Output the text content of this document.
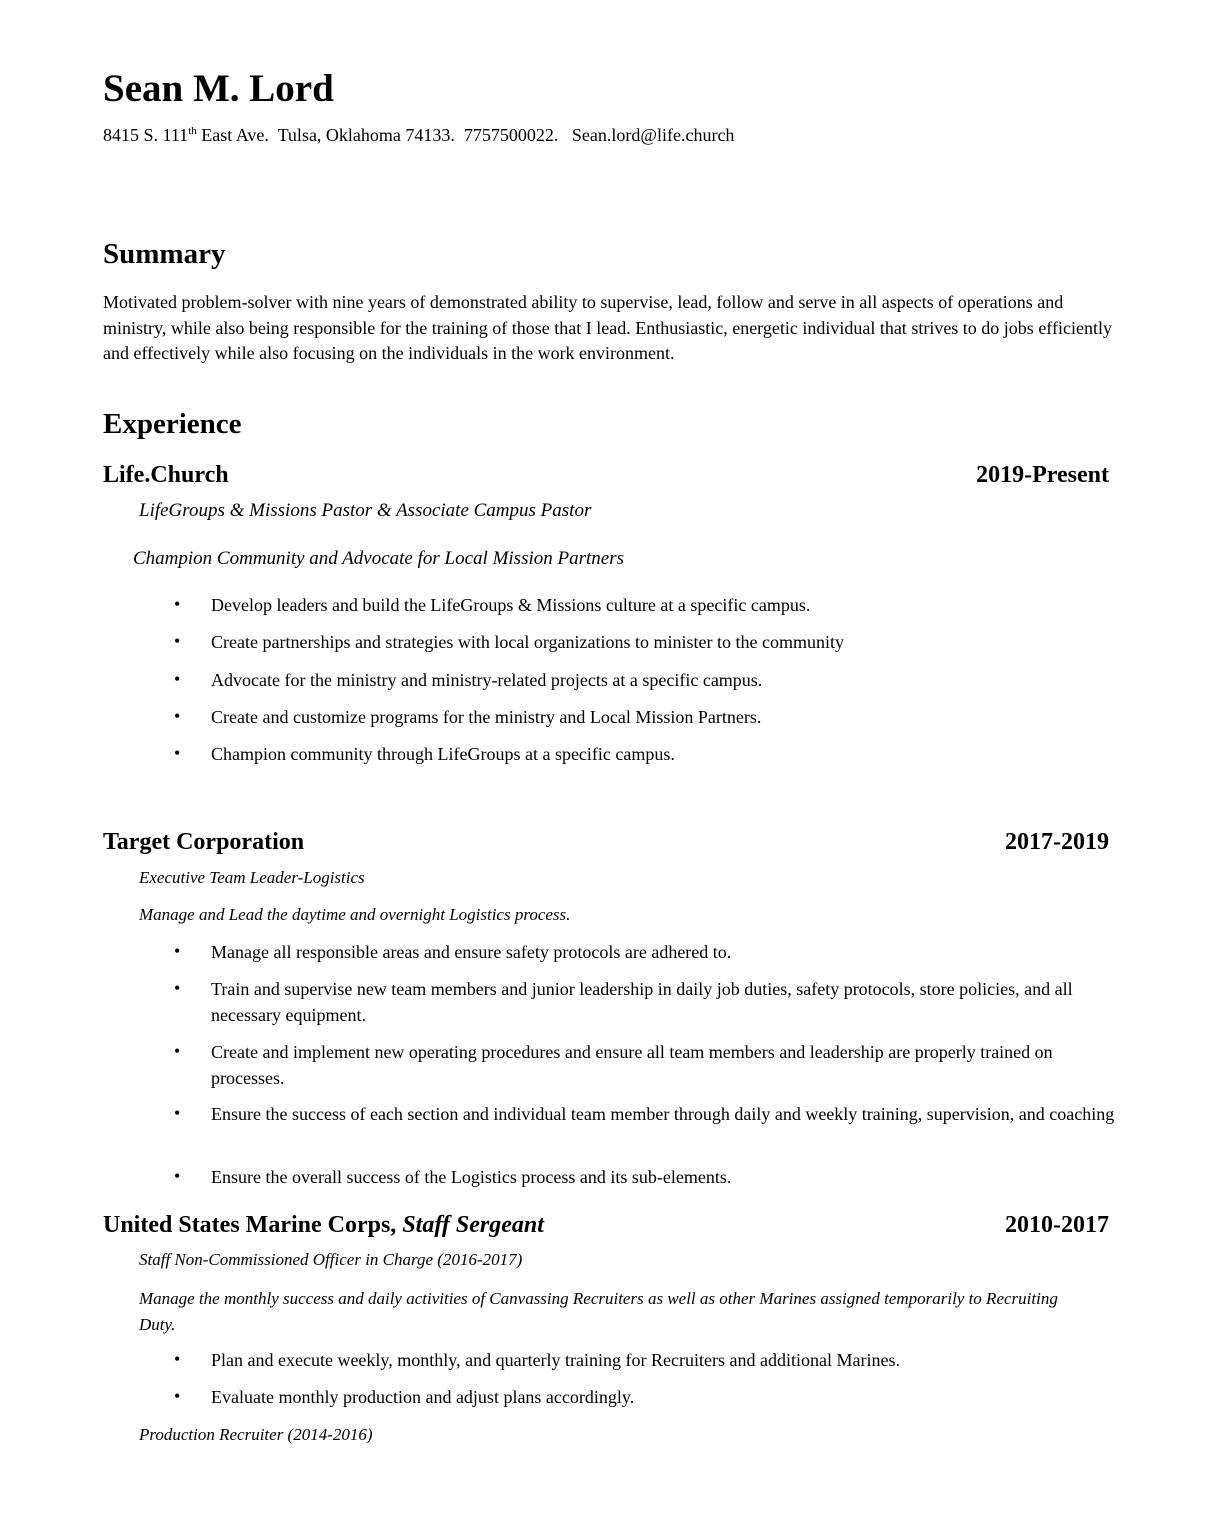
Sean M. Lord
8415 S. 111th East Ave.  Tulsa, Oklahoma 74133.  7757500022.   Sean.lord@life.church
Summary
Motivated problem-solver with nine years of demonstrated ability to supervise, lead, follow and serve in all aspects of operations and ministry, while also being responsible for the training of those that I lead. Enthusiastic, energetic individual that strives to do jobs efficiently and effectively while also focusing on the individuals in the work environment.
Experience
Life.Church	2019-Present
LifeGroups & Missions Pastor & Associate Campus Pastor
Champion Community and Advocate for Local Mission Partners
• Develop leaders and build the LifeGroups & Missions culture at a specific campus.
• Create partnerships and strategies with local organizations to minister to the community
• Advocate for the ministry and ministry-related projects at a specific campus.
• Create and customize programs for the ministry and Local Mission Partners.
• Champion community through LifeGroups at a specific campus.
Target Corporation	2017-2019
Executive Team Leader-Logistics
Manage and Lead the daytime and overnight Logistics process.
• Manage all responsible areas and ensure safety protocols are adhered to.
• Train and supervise new team members and junior leadership in daily job duties, safety protocols, store policies, and all necessary equipment.
• Create and implement new operating procedures and ensure all team members and leadership are properly trained on processes.
• Ensure the success of each section and individual team member through daily and weekly training, supervision, and coaching
• Ensure the overall success of the Logistics process and its sub-elements.
United States Marine Corps, Staff Sergeant	2010-2017
Staff Non-Commissioned Officer in Charge (2016-2017)
Manage the monthly success and daily activities of Canvassing Recruiters as well as other Marines assigned temporarily to Recruiting Duty.
• Plan and execute weekly, monthly, and quarterly training for Recruiters and additional Marines.
• Evaluate monthly production and adjust plans accordingly.
Production Recruiter (2014-2016)
